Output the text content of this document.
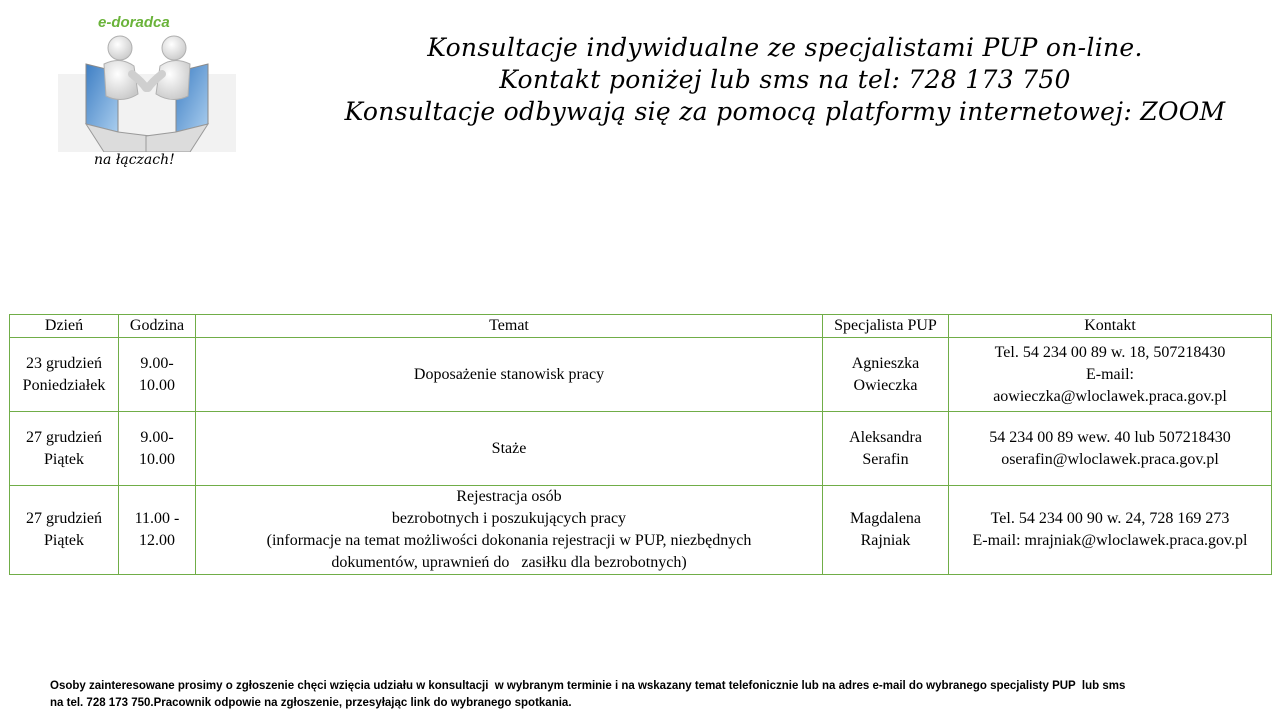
e-doradca
na łączach!
Konsultacje indywidualne ze specjalistami PUP on-line.
Kontakt poniżej lub sms na tel: 728 173 750
Konsultacje odbywają się za pomocą platformy internetowej: ZOOM
Dzień	Godzina	Temat	Specjalista PUP	Kontakt

23 grudzień
Poniedziałek	9.00-
10.00	Doposażenie stanowisk pracy	Agnieszka
Owieczka	Tel. 54 234 00 89 w. 18, 507218430
E-mail:
aowieczka@wloclawek.praca.gov.pl

27 grudzień
Piątek	9.00-
10.00	Staże	Aleksandra
Serafin	54 234 00 89 wew. 40 lub 507218430
oserafin@wloclawek.praca.gov.pl

27 grudzień
Piątek	11.00 -
12.00	Rejestracja osób
bezrobotnych i poszukujących pracy
(informacje na temat możliwości dokonania rejestracji w PUP, niezbędnych
dokumentów, uprawnień do   zasiłku dla bezrobotnych)	Magdalena
Rajniak	Tel. 54 234 00 90 w. 24, 728 169 273
E-mail: mrajniak@wloclawek.praca.gov.pl
Osoby zainteresowane prosimy o zgłoszenie chęci wzięcia udziału w konsultacji  w wybranym terminie i na wskazany temat telefonicznie lub na adres e-mail do wybranego specjalisty PUP  lub sms
na tel. 728 173 750.Pracownik odpowie na zgłoszenie, przesyłając link do wybranego spotkania.
